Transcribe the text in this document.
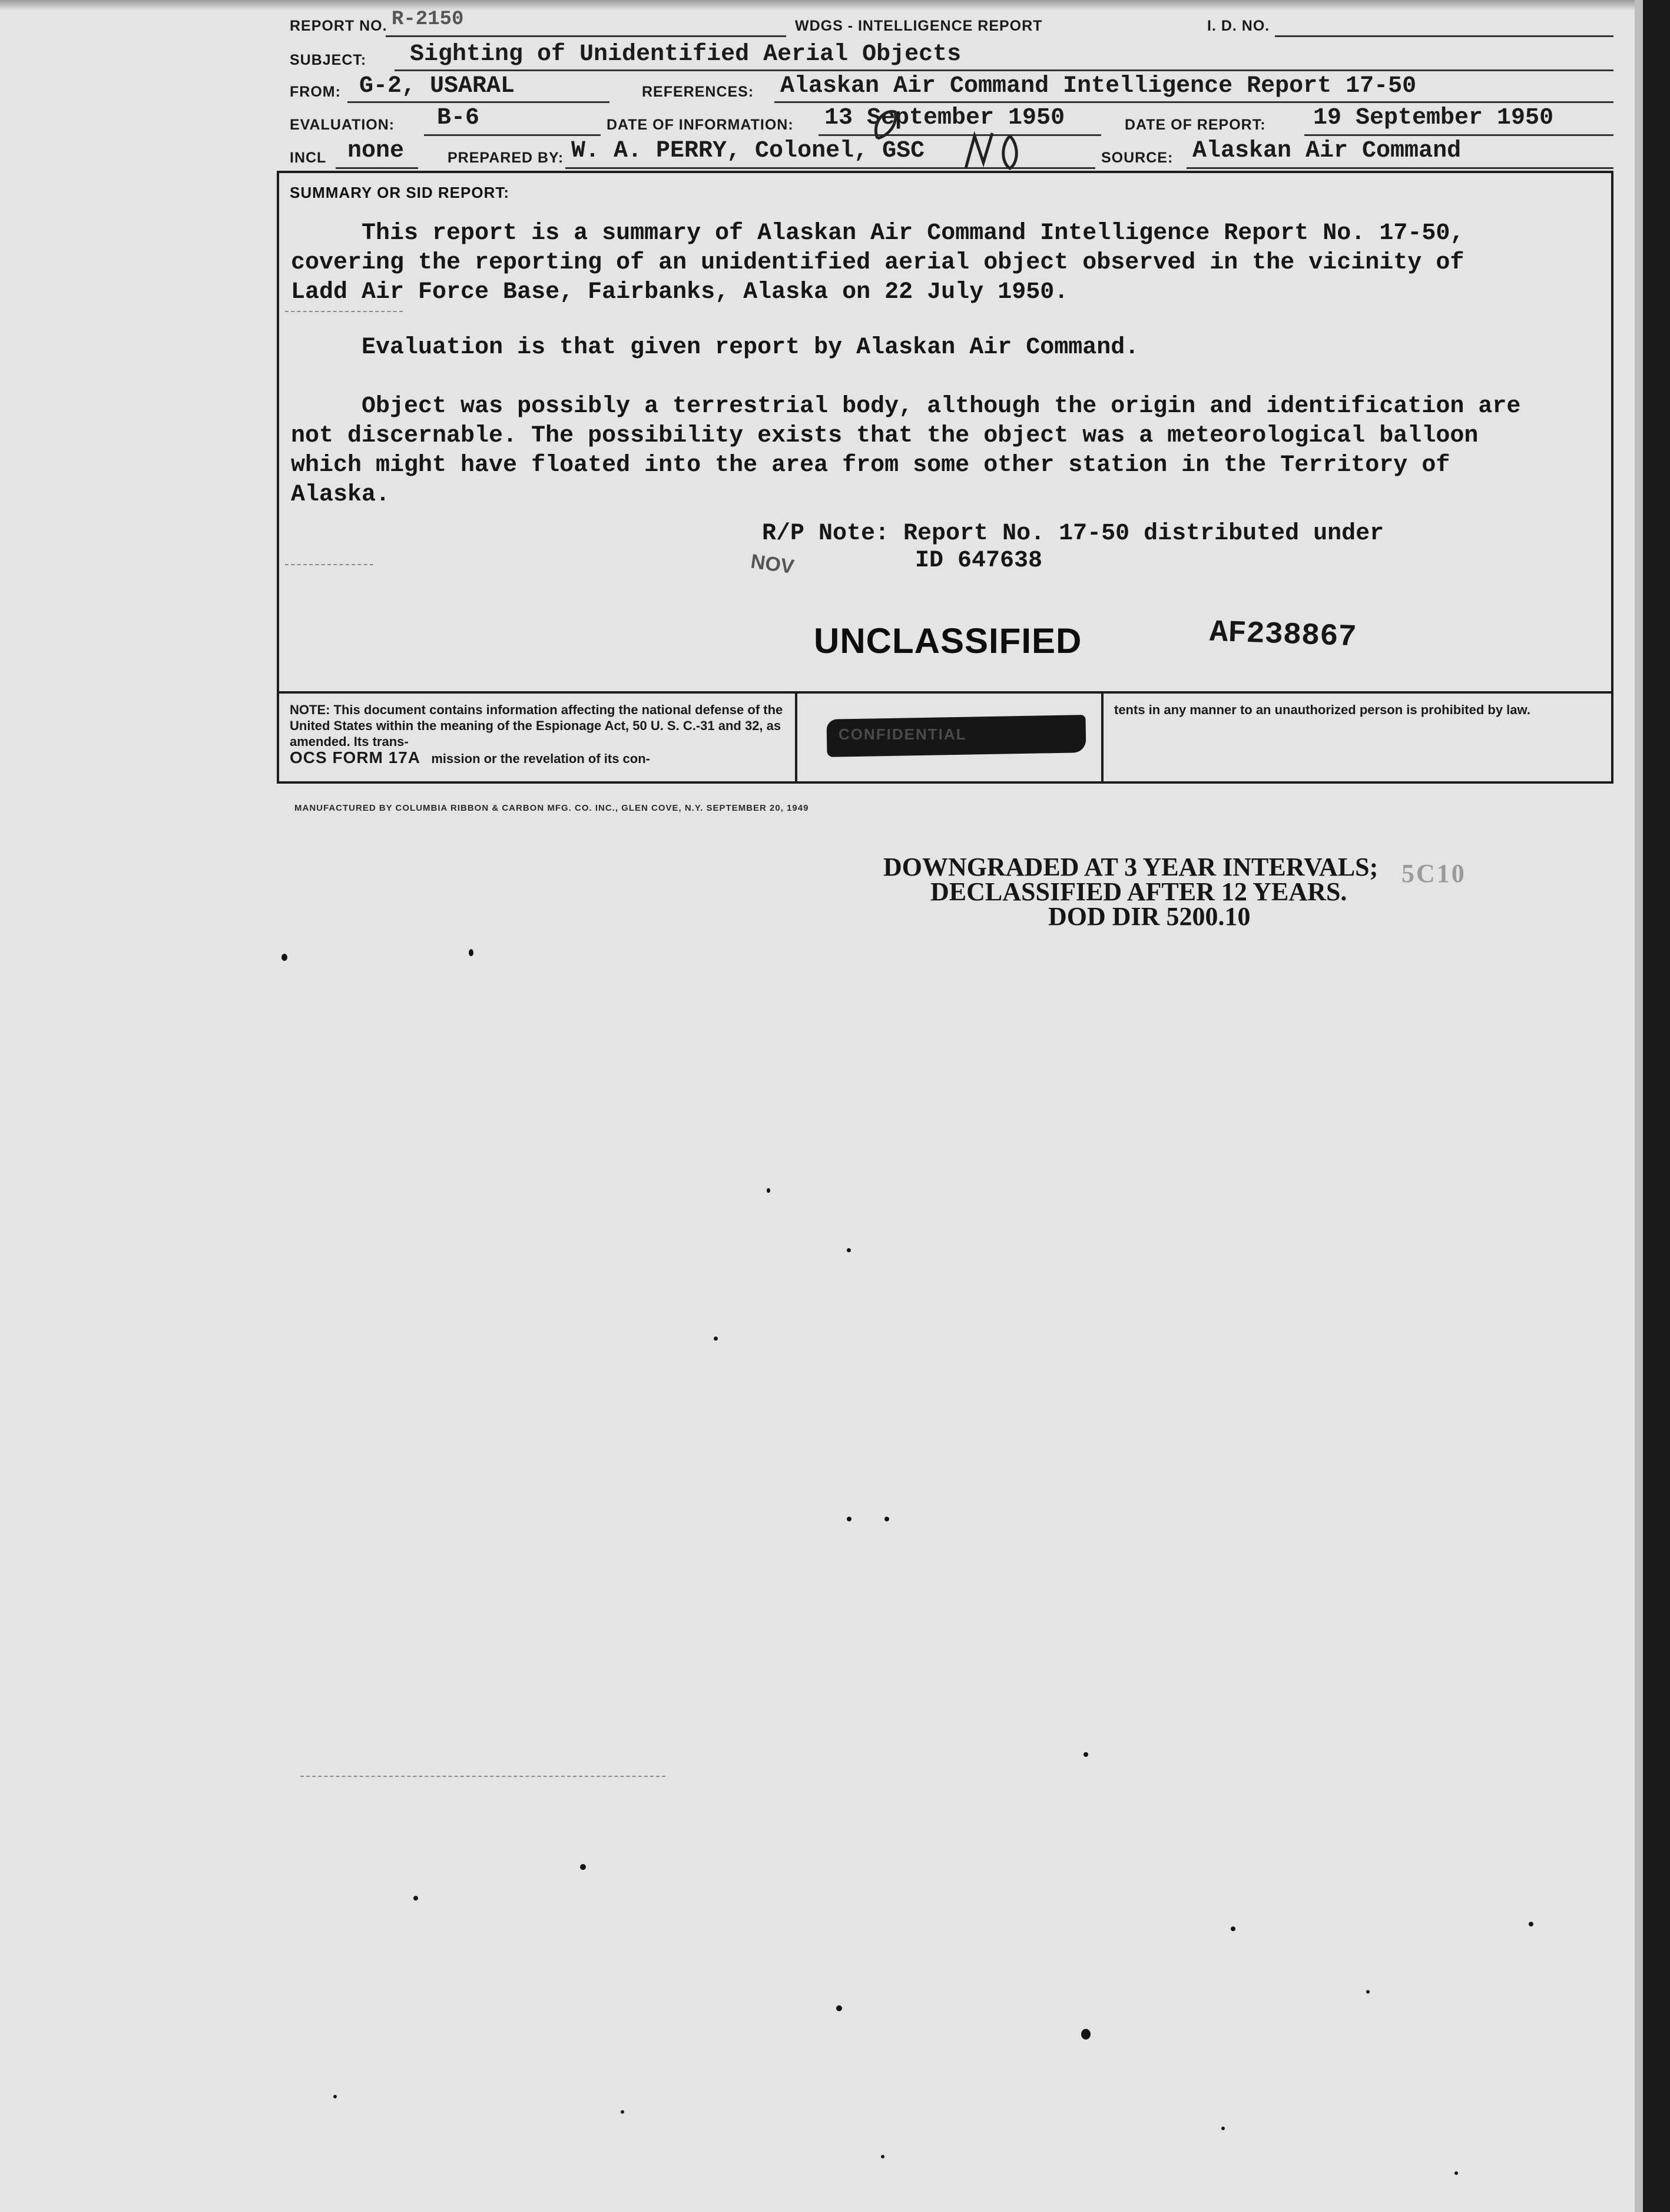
REPORT NO. R-2150	WDGS - INTELLIGENCE REPORT	I. D. NO.
SUBJECT: Sighting of Unidentified Aerial Objects
FROM: G-2, USARAL	REFERENCES: Alaskan Air Command Intelligence Report 17-50
EVALUATION: B-6	DATE OF INFORMATION: 13 September 1950	DATE OF REPORT: 19 September 1950
INCL none	PREPARED BY: W. A. PERRY, Colonel, GSC	SOURCE: Alaskan Air Command
SUMMARY OR SID REPORT:
This report is a summary of Alaskan Air Command Intelligence Report No. 17-50,
covering the reporting of an unidentified aerial object observed in the vicinity of
Ladd Air Force Base, Fairbanks, Alaska on 22 July 1950.
Evaluation is that given report by Alaskan Air Command.
Object was possibly a terrestrial body, although the origin and identification are
not discernable. The possibility exists that the object was a meteorological balloon
which might have floated into the area from some other station in the Territory of
Alaska.
R/P Note: Report No. 17-50 distributed under
ID 647638
NOV
UNCLASSIFIED	AF238867
NOTE: This document contains information affecting the national defense of the United States within the meaning of the Espionage Act, 50 U. S. C.-31 and 32, as amended. Its trans-
OCS FORM 17A mission or the revelation of its con-
CONFIDENTIAL
tents in any manner to an unauthorized person is prohibited by law.
MANUFACTURED BY COLUMBIA RIBBON & CARBON MFG. CO. INC., GLEN COVE, N.Y. SEPTEMBER 20, 1949
DOWNGRADED AT 3 YEAR INTERVALS;
DECLASSIFIED AFTER 12 YEARS.
DOD DIR 5200.10
5C10
